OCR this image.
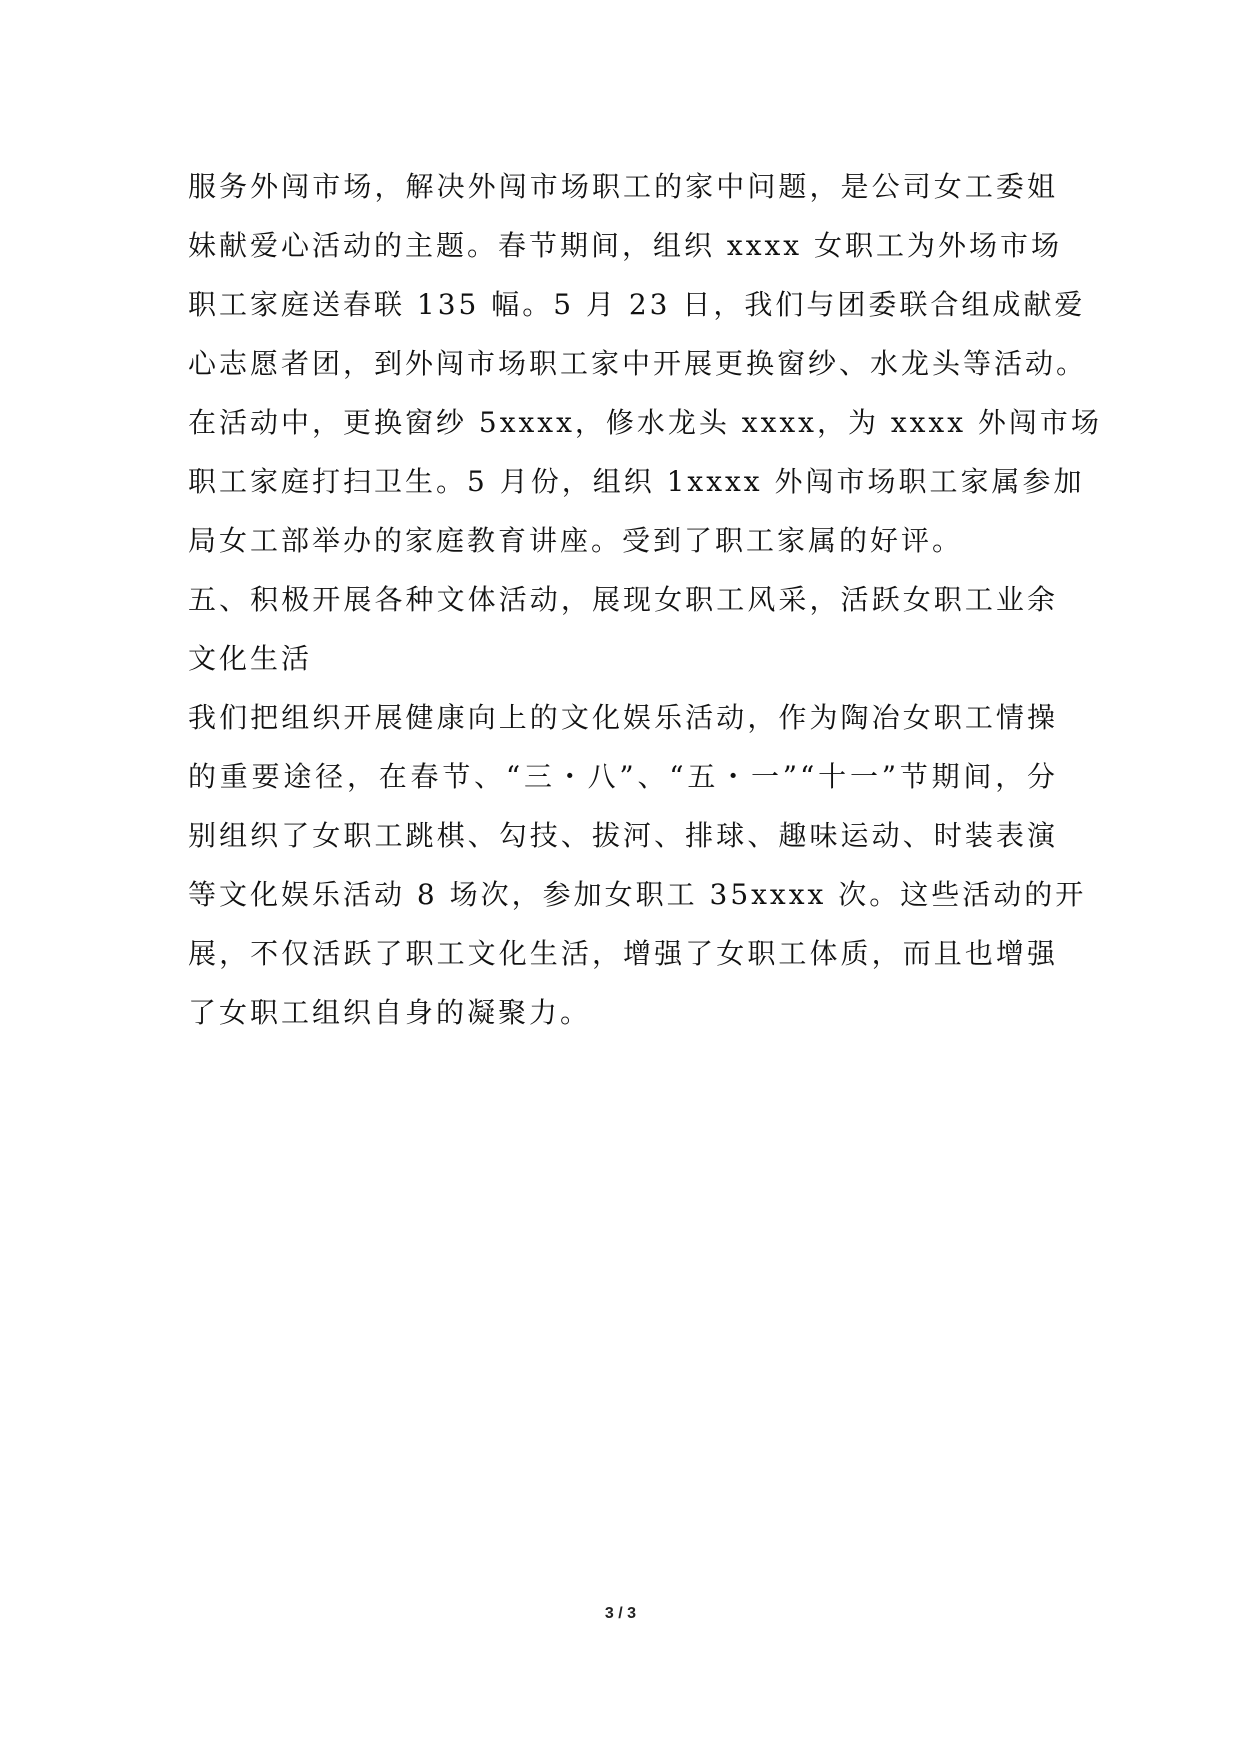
服务外闯市场，解决外闯市场职工的家中问题，是公司女工委姐
妹献爱心活动的主题。春节期间，组织 xxxx 女职工为外场市场
职工家庭送春联 135 幅。5 月 23 日，我们与团委联合组成献爱
心志愿者团，到外闯市场职工家中开展更换窗纱、水龙头等活动。
在活动中，更换窗纱 5xxxx，修水龙头 xxxx，为 xxxx 外闯市场
职工家庭打扫卫生。5 月份，组织 1xxxx 外闯市场职工家属参加
局女工部举办的家庭教育讲座。受到了职工家属的好评。
五、积极开展各种文体活动，展现女职工风采，活跃女职工业余
文化生活
我们把组织开展健康向上的文化娱乐活动，作为陶冶女职工情操
的重要途径，在春节、“三・八”、“五・一”“十一”节期间，分
别组织了女职工跳棋、勾技、拔河、排球、趣味运动、时装表演
等文化娱乐活动 8 场次，参加女职工 35xxxx 次。这些活动的开
展，不仅活跃了职工文化生活，增强了女职工体质，而且也增强
了女职工组织自身的凝聚力。
3 / 3
